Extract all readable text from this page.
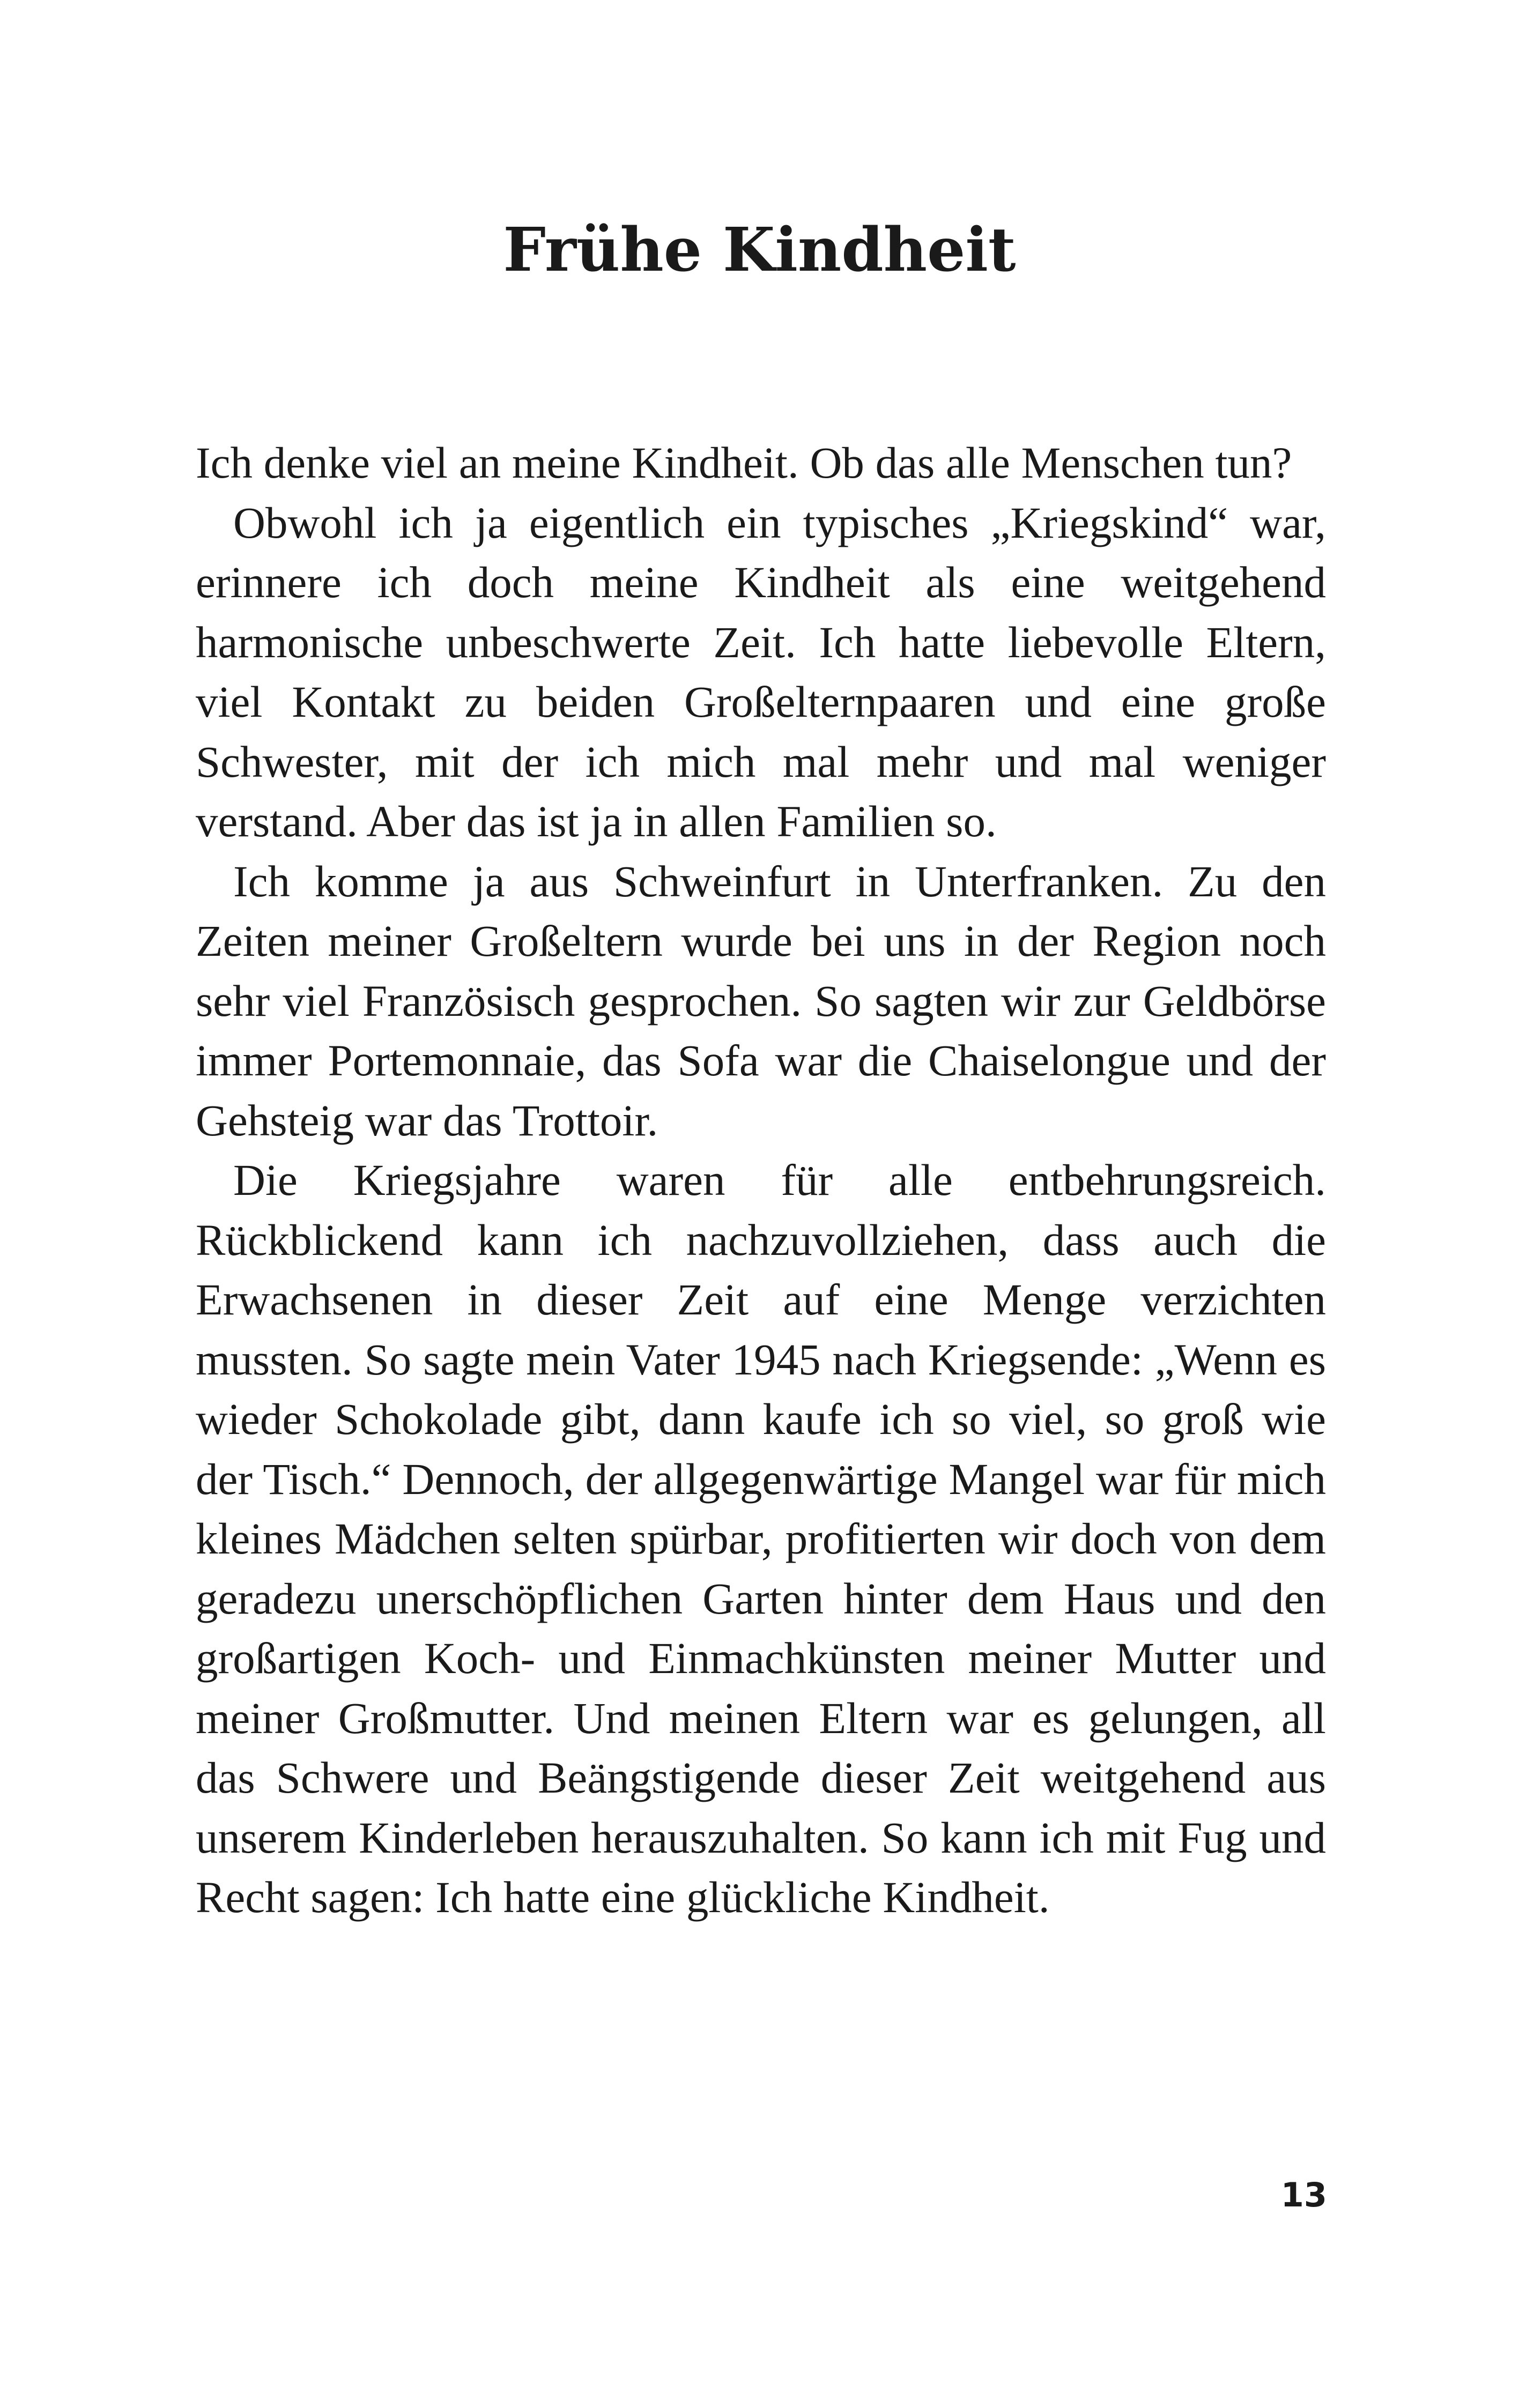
Frühe Kindheit

Ich denke viel an meine Kindheit. Ob das alle Menschen tun?

Obwohl ich ja eigentlich ein typisches „Kriegskind“ war, erinnere ich doch meine Kindheit als eine weitgehend harmonische unbeschwerte Zeit. Ich hatte liebevolle Eltern, viel Kontakt zu beiden Großelternpaaren und eine große Schwester, mit der ich mich mal mehr und mal weniger verstand. Aber das ist ja in allen Familien so.

Ich komme ja aus Schweinfurt in Unterfranken. Zu den Zeiten meiner Großeltern wurde bei uns in der Region noch sehr viel Französisch gesprochen. So sagten wir zur Geldbörse immer Portemonnaie, das Sofa war die Chaiselongue und der Gehsteig war das Trottoir.

Die Kriegsjahre waren für alle entbehrungsreich. Rückblickend kann ich nachzuvollziehen, dass auch die Erwachsenen in dieser Zeit auf eine Menge verzichten mussten. So sagte mein Vater 1945 nach Kriegsende: „Wenn es wieder Schokolade gibt, dann kaufe ich so viel, so groß wie der Tisch.“ Dennoch, der allgegenwärtige Mangel war für mich kleines Mädchen selten spürbar, profitierten wir doch von dem geradezu unerschöpflichen Garten hinter dem Haus und den großartigen Koch- und Einmachkünsten meiner Mutter und meiner Großmutter. Und meinen Eltern war es gelungen, all das Schwere und Beängstigende dieser Zeit weitgehend aus unserem Kinderleben herauszuhalten. So kann ich mit Fug und Recht sagen: Ich hatte eine glückliche Kindheit.

13
